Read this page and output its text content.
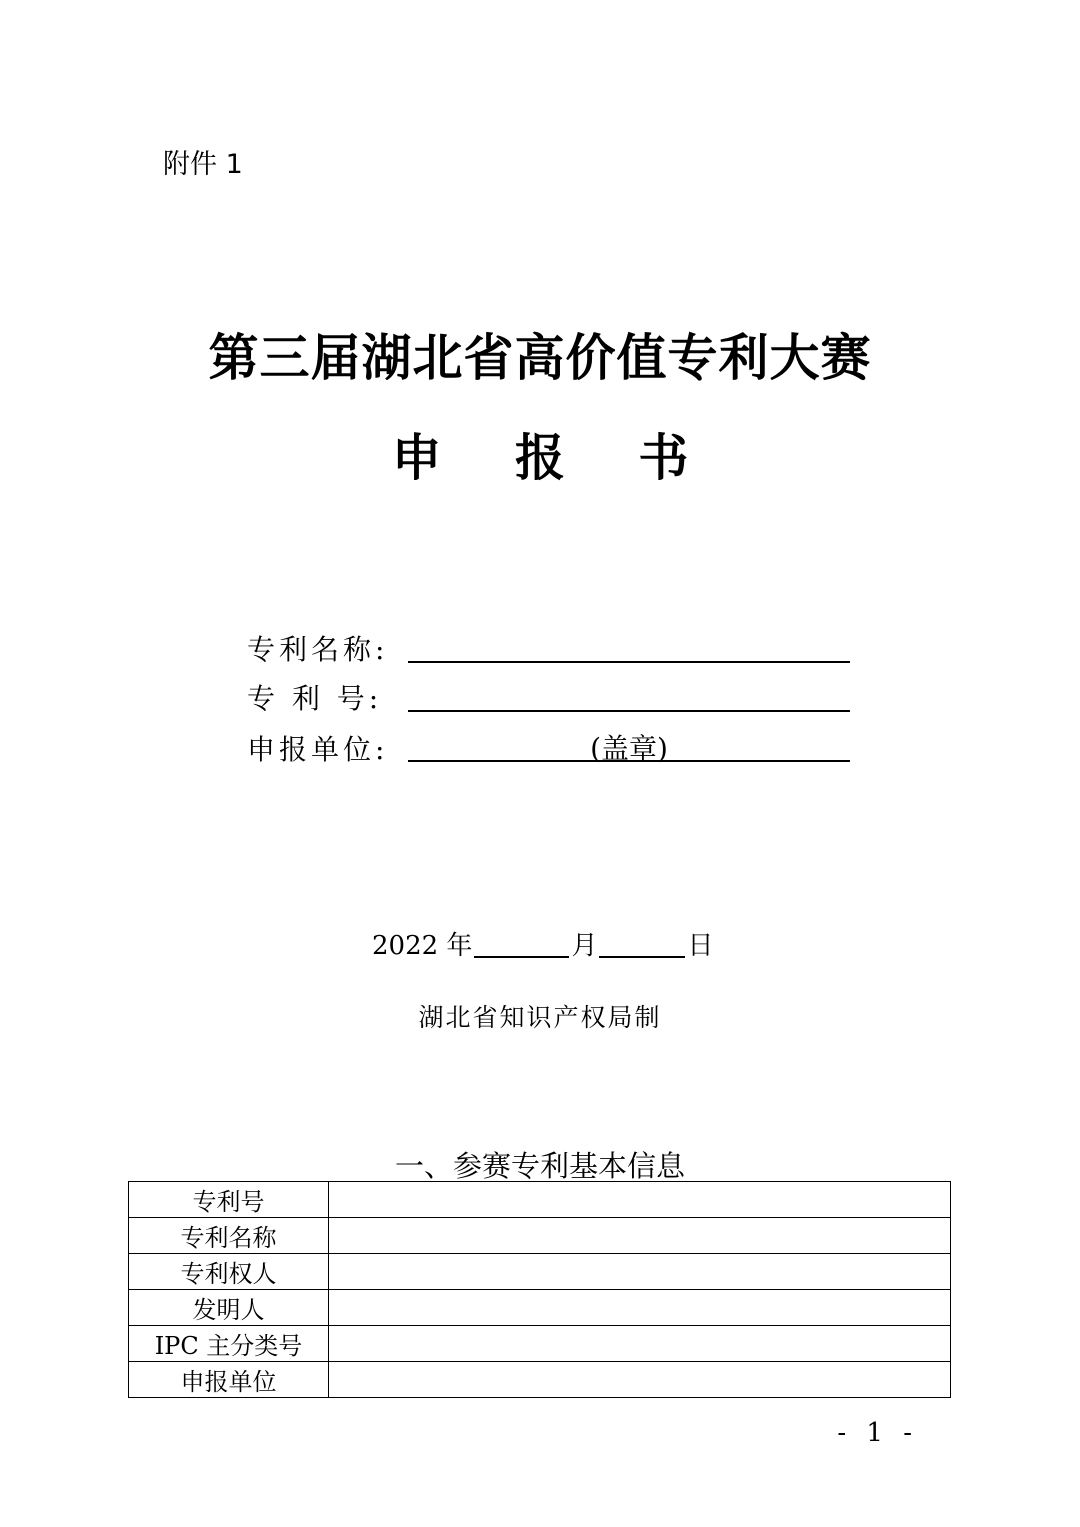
附件 1
第三届湖北省高价值专利大赛
申 报 书
专利名称:
专 利 号:
申报单位:	(盖章)
2022 年	月	日
湖北省知识产权局制
一、参赛专利基本信息
专利号	
专利名称	
专利权人	
发明人	
IPC 主分类号	
申报单位	
- 1 -
